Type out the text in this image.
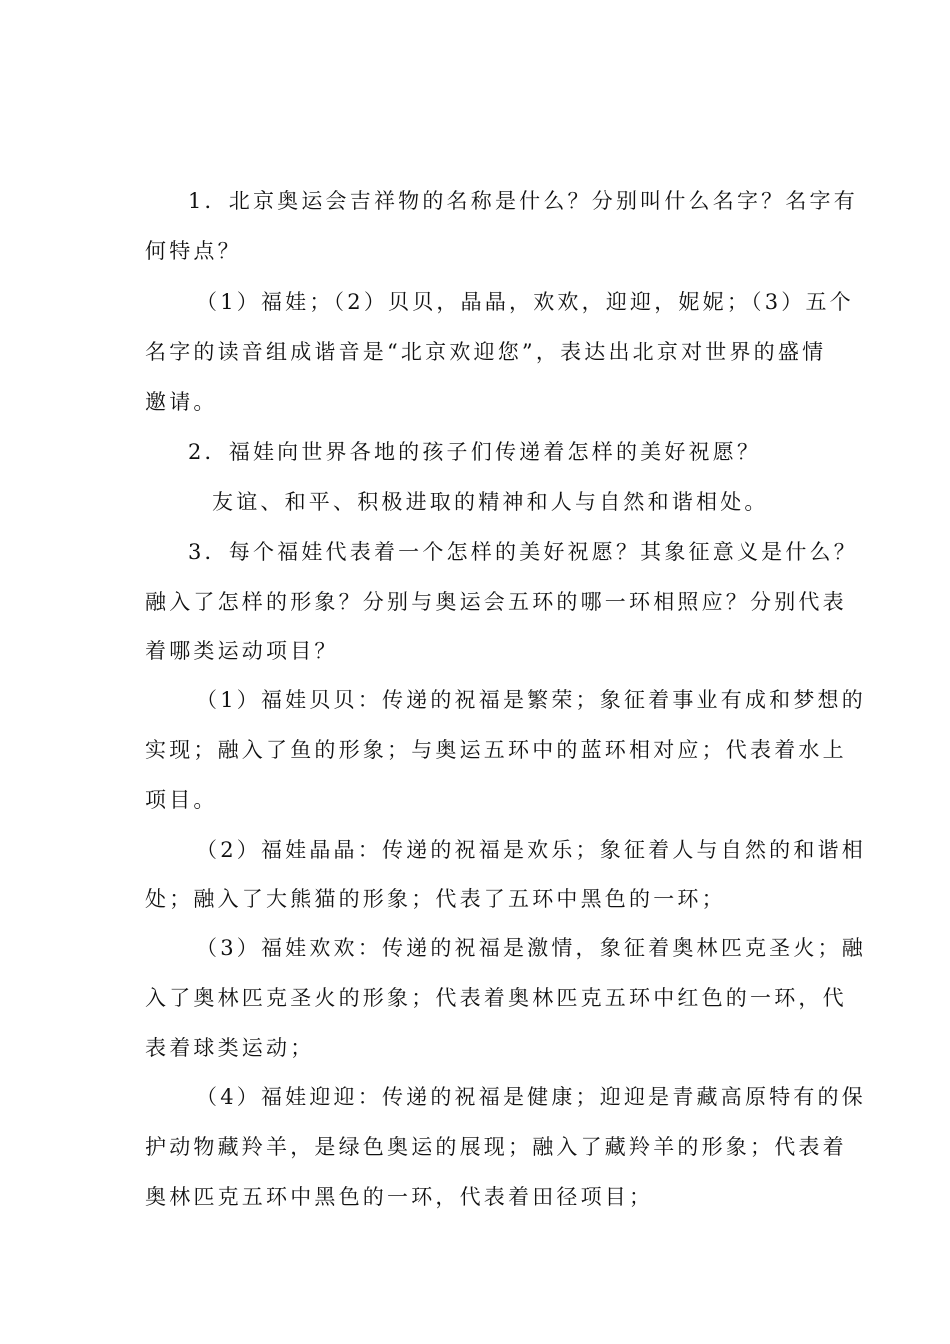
1．北京奥运会吉祥物的名称是什么？分别叫什么名字？名字有
何特点？
（1）福娃；（2）贝贝，晶晶，欢欢，迎迎，妮妮；（3）五个
名字的读音组成谐音是“北京欢迎您”，表达出北京对世界的盛情
邀请。
2．福娃向世界各地的孩子们传递着怎样的美好祝愿？
友谊、和平、积极进取的精神和人与自然和谐相处。
3．每个福娃代表着一个怎样的美好祝愿？其象征意义是什么？
融入了怎样的形象？分别与奥运会五环的哪一环相照应？分别代表
着哪类运动项目？
（1）福娃贝贝：传递的祝福是繁荣；象征着事业有成和梦想的
实现；融入了鱼的形象；与奥运五环中的蓝环相对应；代表着水上
项目。
（2）福娃晶晶：传递的祝福是欢乐；象征着人与自然的和谐相
处；融入了大熊猫的形象；代表了五环中黑色的一环；
（3）福娃欢欢：传递的祝福是激情，象征着奥林匹克圣火；融
入了奥林匹克圣火的形象；代表着奥林匹克五环中红色的一环，代
表着球类运动；
（4）福娃迎迎：传递的祝福是健康；迎迎是青藏高原特有的保
护动物藏羚羊，是绿色奥运的展现；融入了藏羚羊的形象；代表着
奥林匹克五环中黑色的一环，代表着田径项目；
